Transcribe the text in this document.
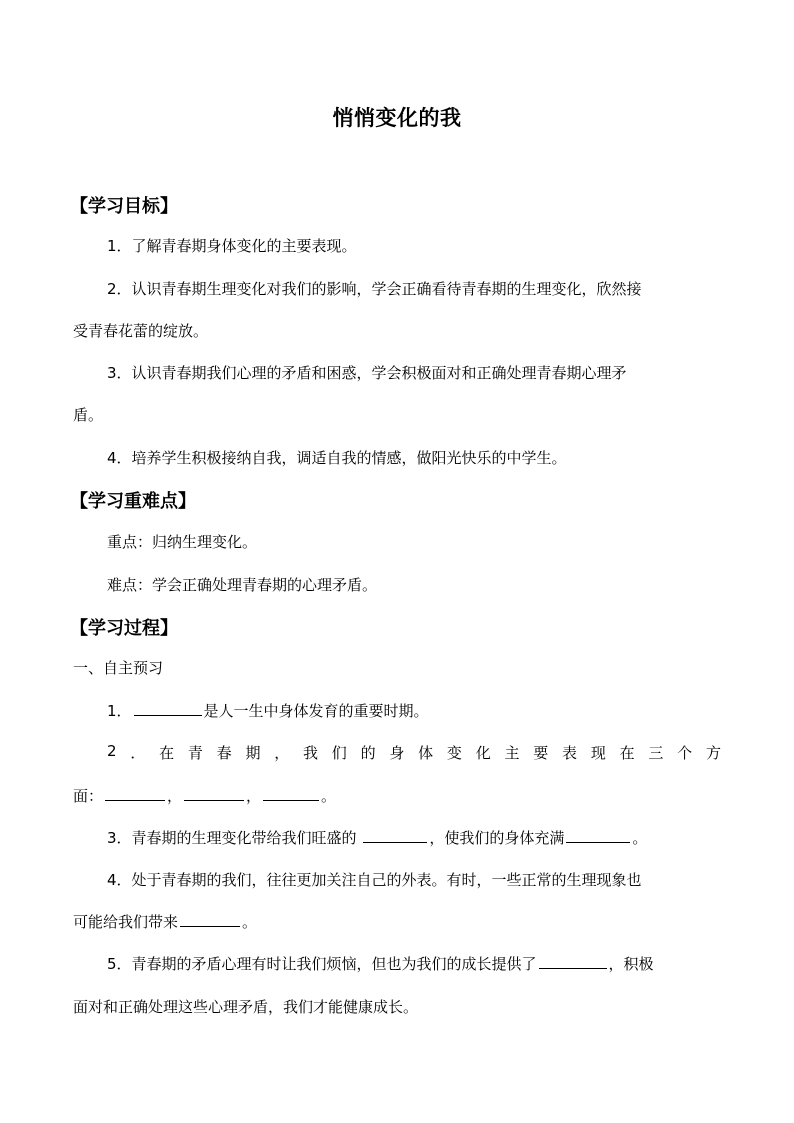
悄悄变化的我
【学习目标】
1．了解青春期身体变化的主要表现。
2．认识青春期生理变化对我们的影响，学会正确看待青春期的生理变化，欣然接
受青春花蕾的绽放。
3．认识青春期我们心理的矛盾和困惑，学会积极面对和正确处理青春期心理矛
盾。
4．培养学生积极接纳自我，调适自我的情感，做阳光快乐的中学生。
【学习重难点】
重点：归纳生理变化。
难点：学会正确处理青春期的心理矛盾。
【学习过程】
一、自主预习
1．	是人一生中身体发育的重要时期。
2 ． 在 青 春 期 ， 我 们 的 身 体 变 化 主 要 表 现 在 三 个 方
面：	，	，	。
3．青春期的生理变化带给我们旺盛的	，使我们的身体充满	。
4．处于青春期的我们，往往更加关注自己的外表。有时，一些正常的生理现象也
可能给我们带来	。
5．青春期的矛盾心理有时让我们烦恼，但也为我们的成长提供了	，积极
面对和正确处理这些心理矛盾，我们才能健康成长。
